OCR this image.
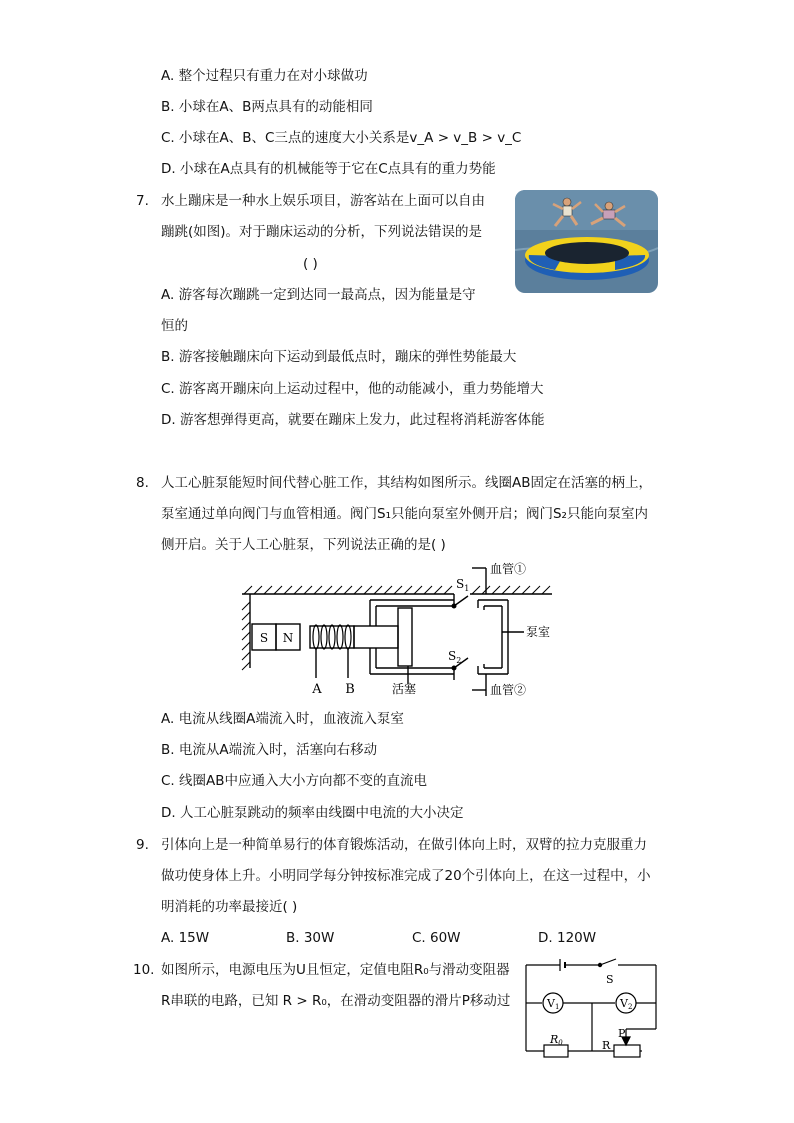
A. 整个过程只有重力在对小球做功
B. 小球在A、B两点具有的动能相同
C. 小球在A、B、C三点的速度大小关系是v_A > v_B > v_C
D. 小球在A点具有的机械能等于它在C点具有的重力势能
7. 水上蹦床是一种水上娱乐项目，游客站在上面可以自由
蹦跳(如图)。对于蹦床运动的分析，下列说法错误的是
( )
A. 游客每次蹦跳一定到达同一最高点，因为能量是守
恒的
B. 游客接触蹦床向下运动到最低点时，蹦床的弹性势能最大
C. 游客离开蹦床向上运动过程中，他的动能减小，重力势能增大
D. 游客想弹得更高，就要在蹦床上发力，此过程将消耗游客体能
8. 人工心脏泵能短时间代替心脏工作，其结构如图所示。线圈AB固定在活塞的柄上，
泵室通过单向阀门与血管相通。阀门S₁只能向泵室外侧开启；阀门S₂只能向泵室内
侧开启。关于人工心脏泵，下列说法正确的是( )
S N
A B	活塞
$S_1$
$S_2$
血管①
血管②
泵室
A. 电流从线圈A端流入时，血液流入泵室
B. 电流从A端流入时，活塞向右移动
C. 线圈AB中应通入大小方向都不变的直流电
D. 人工心脏泵跳动的频率由线圈中电流的大小决定
9. 引体向上是一种简单易行的体育锻炼活动，在做引体向上时，双臂的拉力克服重力
做功使身体上升。小明同学每分钟按标准完成了20个引体向上，在这一过程中，小
明消耗的功率最接近( )
A. 15W	B. 30W	C. 60W	D. 120W
10. 如图所示，电源电压为U且恒定，定值电阻R₀与滑动变阻器
R串联的电路，已知 R > R₀，在滑动变阻器的滑片P移动过
S
V1	V2
R0	R
P
